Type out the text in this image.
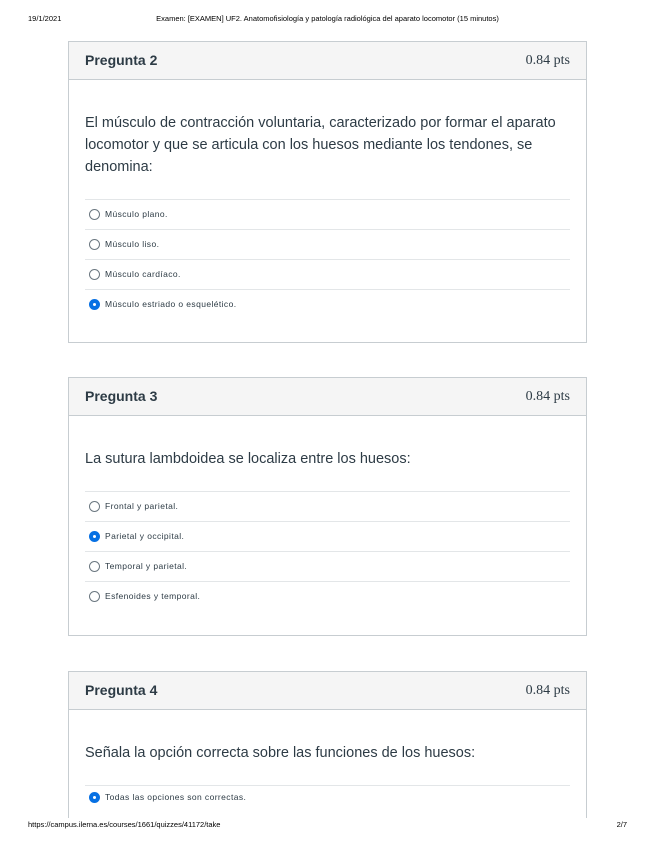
19/1/2021	Examen: [EXAMEN] UF2. Anatomofisiología y patología radiológica del aparato locomotor (15 minutos)
Pregunta 2	0.84 pts
El músculo de contracción voluntaria, caracterizado por formar el aparato locomotor y que se articula con los huesos mediante los tendones, se denomina:
Músculo plano.
Músculo liso.
Músculo cardíaco.
Músculo estriado o esquelético.
Pregunta 3	0.84 pts
La sutura lambdoidea se localiza entre los huesos:
Frontal y parietal.
Parietal y occipital.
Temporal y parietal.
Esfenoides y temporal.
Pregunta 4	0.84 pts
Señala la opción correcta sobre las funciones de los huesos:
Todas las opciones son correctas.
https://campus.ilerna.es/courses/1661/quizzes/41172/take	2/7
